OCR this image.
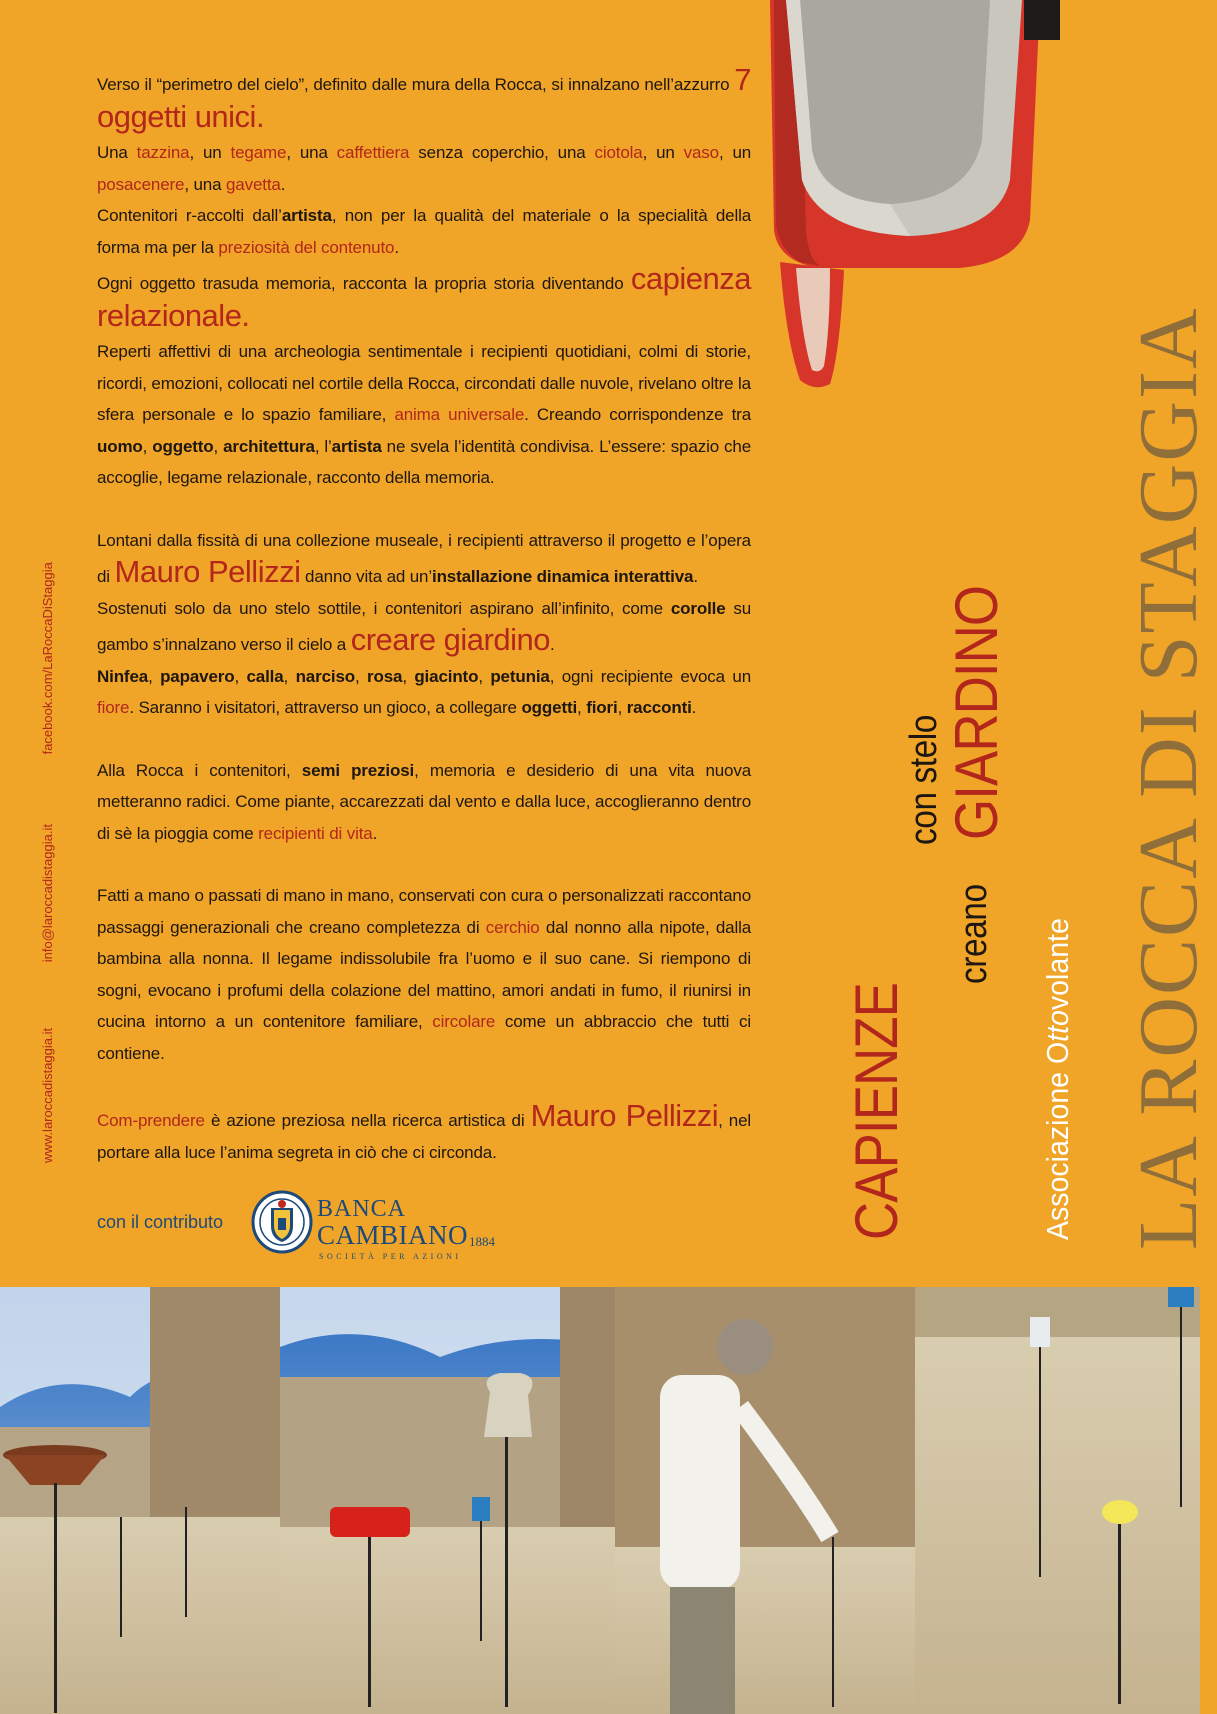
Verso il “perimetro del cielo”, definito dalle mura della Rocca, si innalzano nell’azzurro 7 oggetti unici.
Una tazzina, un tegame, una caffettiera senza coperchio, una ciotola, un vaso, un posacenere, una gavetta.
Contenitori r-accolti dall’artista, non per la qualità del materiale o la specialità della forma ma per la preziosità del contenuto.
Ogni oggetto trasuda memoria, racconta la propria storia diventando capienza relazionale.
Reperti affettivi di una archeologia sentimentale i recipienti quotidiani, colmi di storie, ricordi, emozioni, collocati nel cortile della Rocca, circondati dalle nuvole, rivelano oltre la sfera personale e lo spazio familiare, anima universale. Creando corrispondenze tra uomo, oggetto, architettura, l’artista ne svela l’identità condivisa. L’essere: spazio che accoglie, legame relazionale, racconto della memoria.

Lontani dalla fissità di una collezione museale, i recipienti attraverso il progetto e l’opera di Mauro Pellizzi danno vita ad un’installazione dinamica interattiva.
Sostenuti solo da uno stelo sottile, i contenitori aspirano all’infinito, come corolle su gambo s’innalzano verso il cielo a creare giardino.
Ninfea, papavero, calla, narciso, rosa, giacinto, petunia, ogni recipiente evoca un fiore. Saranno i visitatori, attraverso un gioco, a collegare oggetti, fiori, racconti.

Alla Rocca i contenitori, semi preziosi, memoria e desiderio di una vita nuova metteranno radici. Come piante, accarezzati dal vento e dalla luce, accoglieranno dentro di sè la pioggia come recipienti di vita.

Fatti a mano o passati di mano in mano, conservati con cura o personalizzati raccontano passaggi generazionali che creano completezza di cerchio dal nonno alla nipote, dalla bambina alla nonna. Il legame indissolubile fra l’uomo e il suo cane. Si riempono di sogni, evocano i profumi della colazione del mattino, amori andati in fumo, il riunirsi in cucina intorno a un contenitore familiare, circolare come un abbraccio che tutti ci contiene.

Com-prendere è azione preziosa nella ricerca artistica di Mauro Pellizzi, nel portare alla luce l’anima segreta in ciò che ci circonda.

con il contributo	BANCA
CAMBIANO 1884
SOCIETÀ PER AZIONI
www.laroccadistaggia.it info@laroccadistaggia.it facebook.com/LaRoccaDiStaggia
CAPIENZE
con stelo
creano
GIARDINO
Associazione Ottovolante LA ROCCA DI STAGGIA
